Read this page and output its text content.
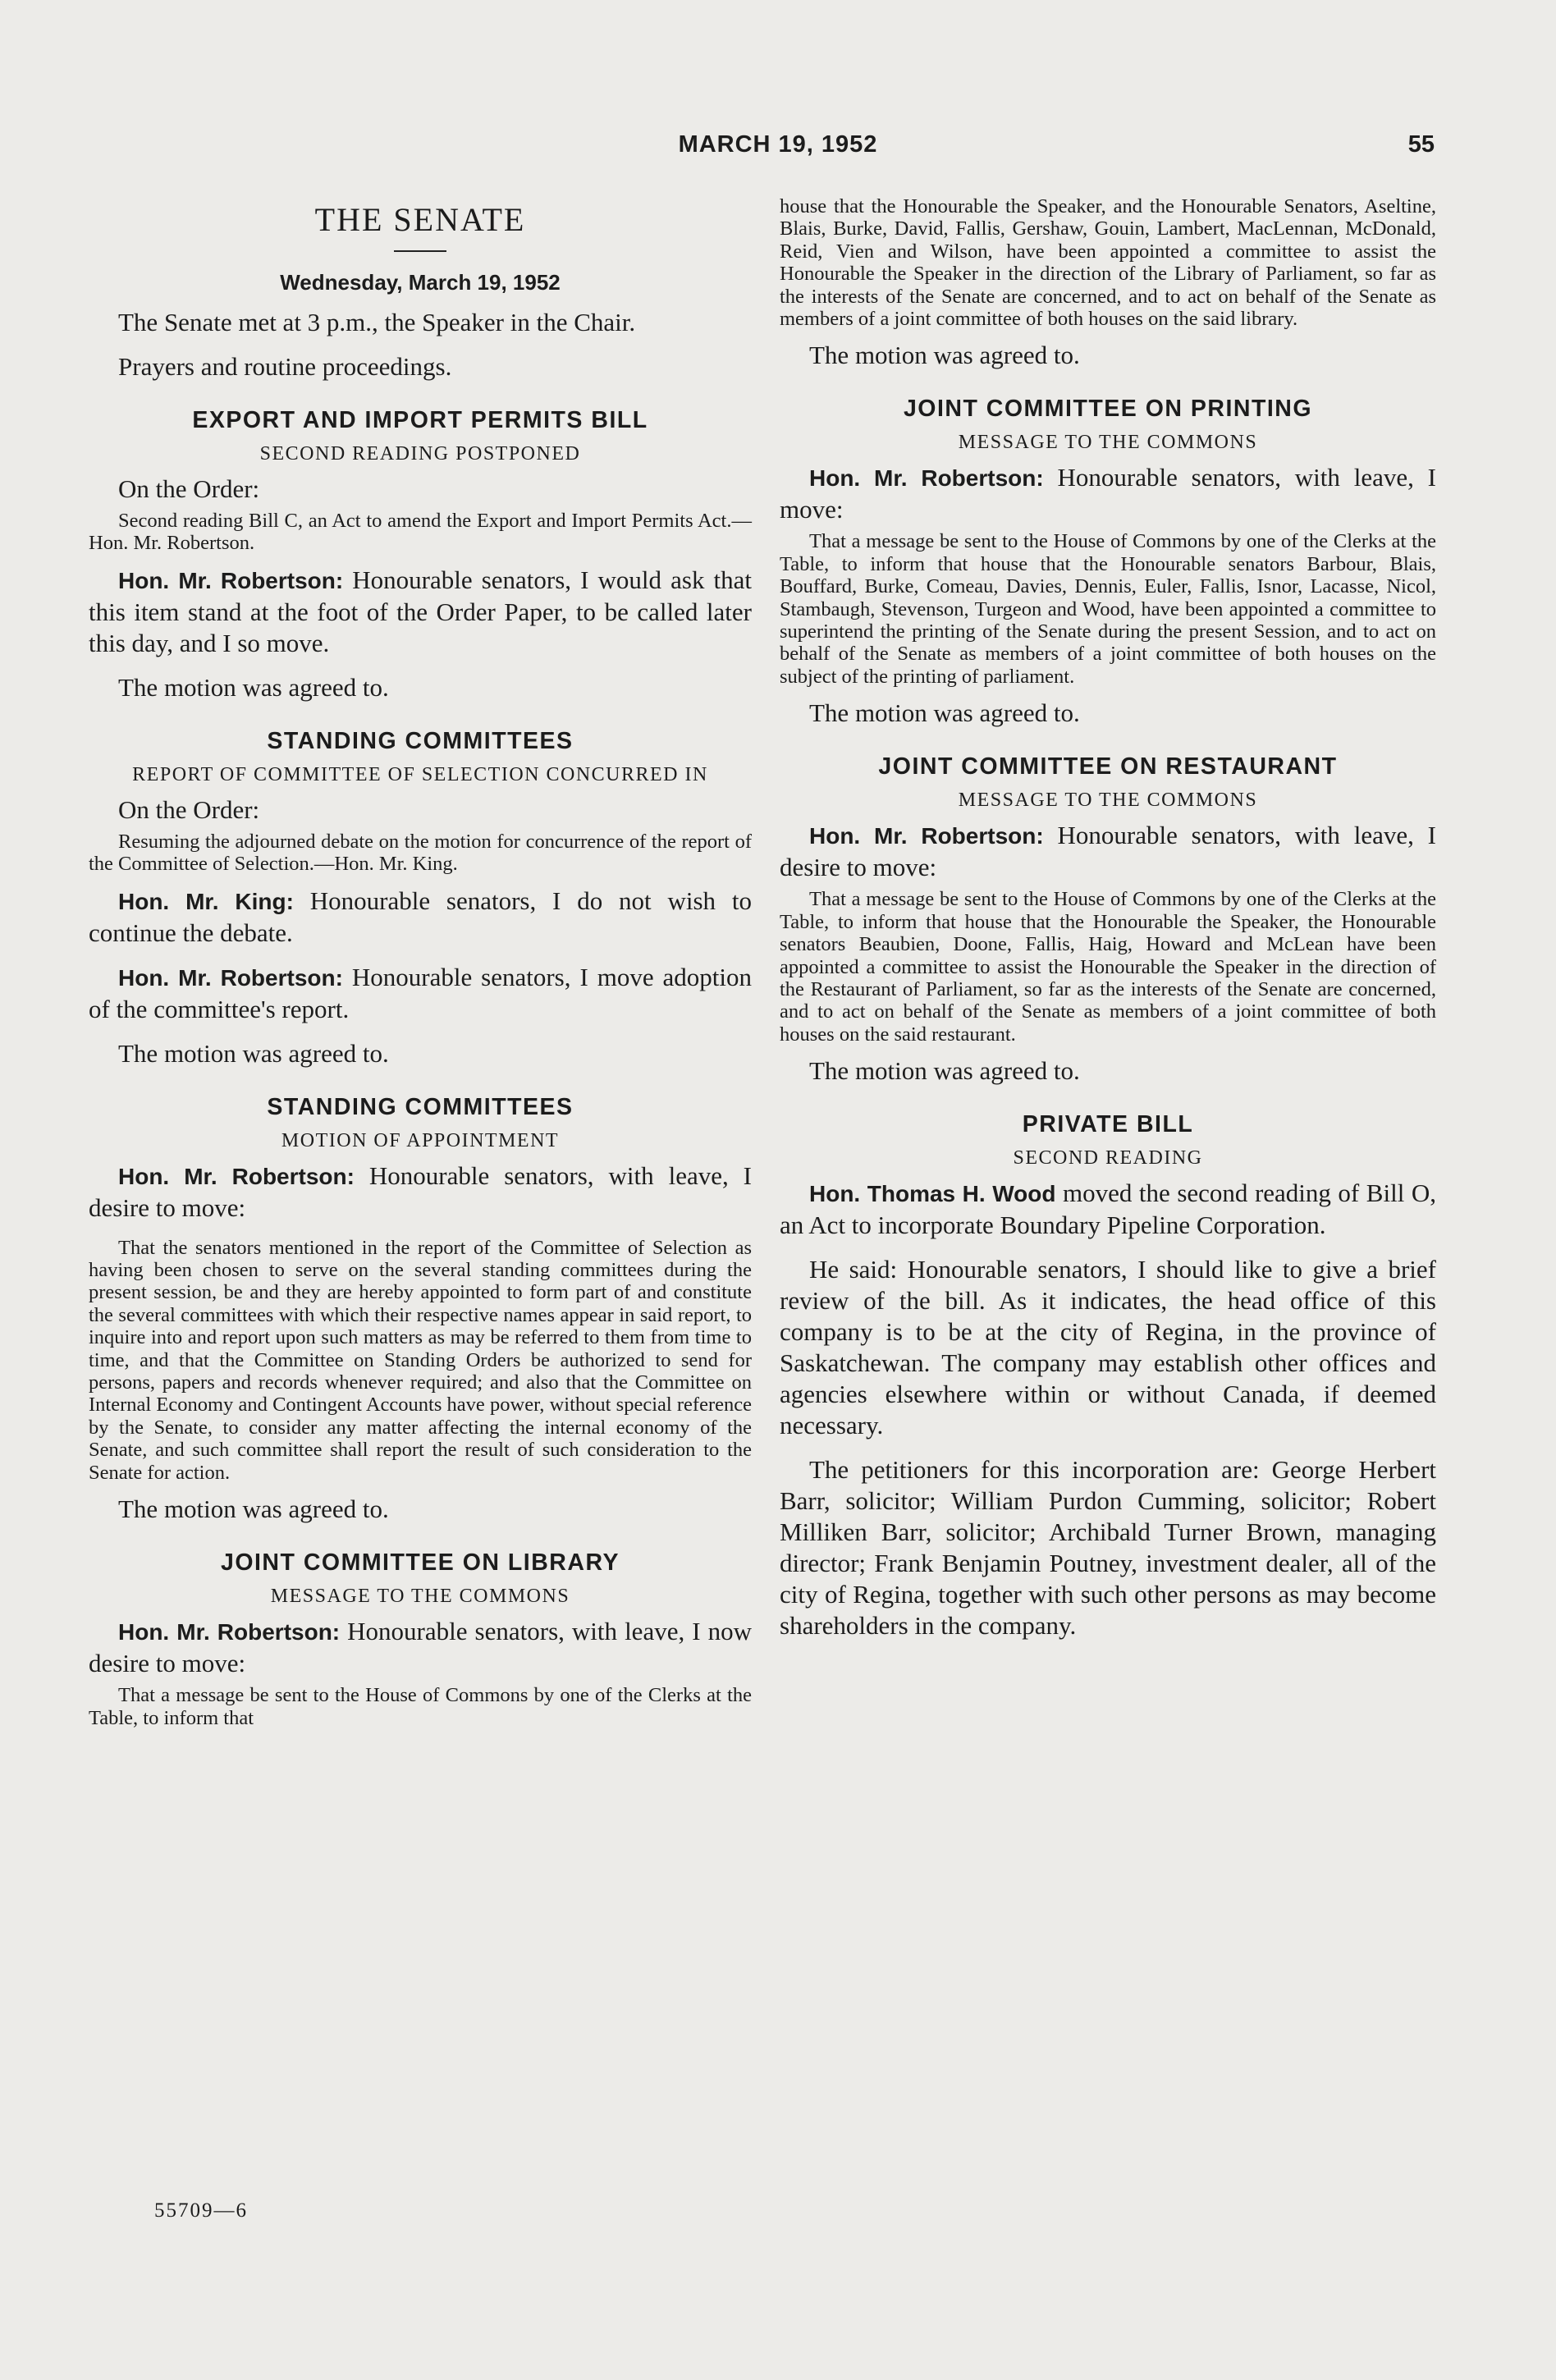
MARCH 19, 1952	55
THE SENATE
Wednesday, March 19, 1952

The Senate met at 3 p.m., the Speaker in the Chair.

Prayers and routine proceedings.

EXPORT AND IMPORT PERMITS BILL
SECOND READING POSTPONED

On the Order:

Second reading Bill C, an Act to amend the Export and Import Permits Act.—Hon. Mr. Robertson.

Hon. Mr. Robertson: Honourable senators, I would ask that this item stand at the foot of the Order Paper, to be called later this day, and I so move.

The motion was agreed to.

STANDING COMMITTEES
REPORT OF COMMITTEE OF SELECTION CONCURRED IN

On the Order:

Resuming the adjourned debate on the motion for concurrence of the report of the Committee of Selection.—Hon. Mr. King.

Hon. Mr. King: Honourable senators, I do not wish to continue the debate.

Hon. Mr. Robertson: Honourable senators, I move adoption of the committee's report.

The motion was agreed to.

STANDING COMMITTEES
MOTION OF APPOINTMENT

Hon. Mr. Robertson: Honourable senators, with leave, I desire to move:

That the senators mentioned in the report of the Committee of Selection as having been chosen to serve on the several standing committees during the present session, be and they are hereby appointed to form part of and constitute the several committees with which their respective names appear in said report, to inquire into and report upon such matters as may be referred to them from time to time, and that the Committee on Standing Orders be authorized to send for persons, papers and records whenever required; and also that the Committee on Internal Economy and Contingent Accounts have power, without special reference by the Senate, to consider any matter affecting the internal economy of the Senate, and such committee shall report the result of such consideration to the Senate for action.

The motion was agreed to.

JOINT COMMITTEE ON LIBRARY
MESSAGE TO THE COMMONS

Hon. Mr. Robertson: Honourable senators, with leave, I now desire to move:

That a message be sent to the House of Commons by one of the Clerks at the Table, to inform that

house that the Honourable the Speaker, and the Honourable Senators, Aseltine, Blais, Burke, David, Fallis, Gershaw, Gouin, Lambert, MacLennan, McDonald, Reid, Vien and Wilson, have been appointed a committee to assist the Honourable the Speaker in the direction of the Library of Parliament, so far as the interests of the Senate are concerned, and to act on behalf of the Senate as members of a joint committee of both houses on the said library.

The motion was agreed to.

JOINT COMMITTEE ON PRINTING
MESSAGE TO THE COMMONS

Hon. Mr. Robertson: Honourable senators, with leave, I move:

That a message be sent to the House of Commons by one of the Clerks at the Table, to inform that house that the Honourable senators Barbour, Blais, Bouffard, Burke, Comeau, Davies, Dennis, Euler, Fallis, Isnor, Lacasse, Nicol, Stambaugh, Stevenson, Turgeon and Wood, have been appointed a committee to superintend the printing of the Senate during the present Session, and to act on behalf of the Senate as members of a joint committee of both houses on the subject of the printing of parliament.

The motion was agreed to.

JOINT COMMITTEE ON RESTAURANT
MESSAGE TO THE COMMONS

Hon. Mr. Robertson: Honourable senators, with leave, I desire to move:

That a message be sent to the House of Commons by one of the Clerks at the Table, to inform that house that the Honourable the Speaker, the Honourable senators Beaubien, Doone, Fallis, Haig, Howard and McLean have been appointed a committee to assist the Honourable the Speaker in the direction of the Restaurant of Parliament, so far as the interests of the Senate are concerned, and to act on behalf of the Senate as members of a joint committee of both houses on the said restaurant.

The motion was agreed to.

PRIVATE BILL
SECOND READING

Hon. Thomas H. Wood moved the second reading of Bill O, an Act to incorporate Boundary Pipeline Corporation.

He said: Honourable senators, I should like to give a brief review of the bill. As it indicates, the head office of this company is to be at the city of Regina, in the province of Saskatchewan. The company may establish other offices and agencies elsewhere within or without Canada, if deemed necessary.

The petitioners for this incorporation are: George Herbert Barr, solicitor; William Purdon Cumming, solicitor; Robert Milliken Barr, solicitor; Archibald Turner Brown, managing director; Frank Benjamin Poutney, investment dealer, all of the city of Regina, together with such other persons as may become shareholders in the company.

55709—6
